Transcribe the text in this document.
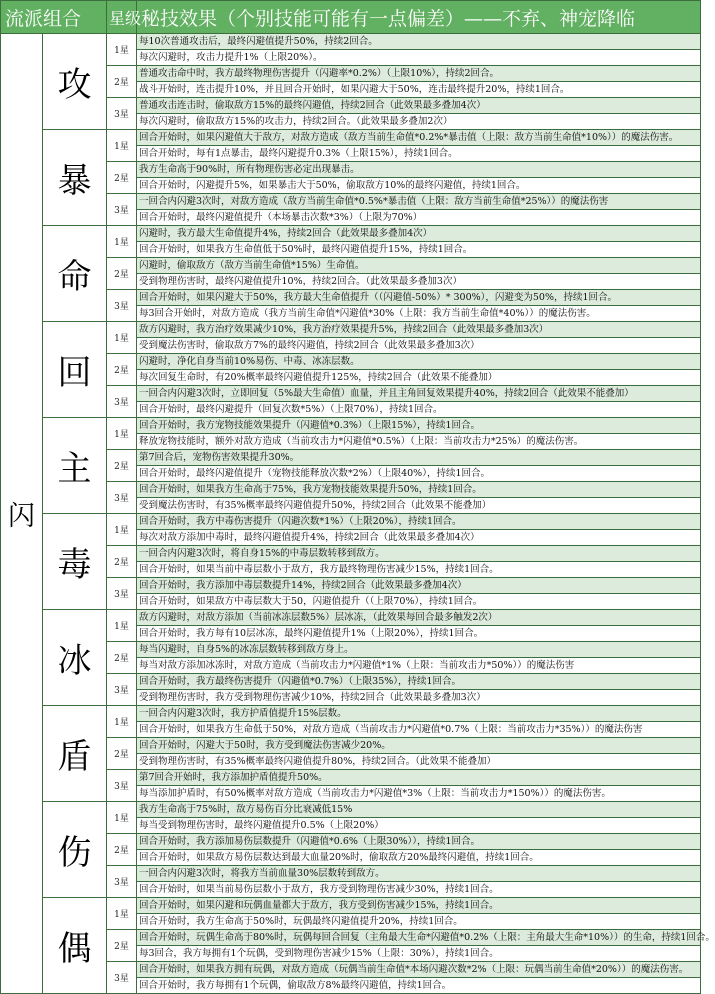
流派组合		星级	秘技效果（个别技能可能有一点偏差）——不弃、神宠降临
闪	攻	1星	每10次普通攻击后，最终闪避值提升50%，持续2回合。
			每次闪避时，攻击力提升1%（上限20%）。
		2星	普通攻击命中时，我方最终物理伤害提升（闪避率*0.2%）（上限10%），持续2回合。
			战斗开始时，连击提升10%，并且回合开始时，如果闪避大于50%，连击最终提升20%，持续1回合。
		3星	普通攻击连击时，偷取敌方15%的最终闪避值，持续2回合（此效果最多叠加4次）
			每次闪避时，偷取敌方15%的攻击力，持续2回合。（此效果最多叠加2次）
	暴	1星	回合开始时，如果闪避值大于敌方，对敌方造成（敌方当前生命值*0.2%*暴击值（上限：敌方当前生命值*10%））的魔法伤害。
			回合开始时，每有1点暴击，最终闪避提升0.3%（上限15%），持续1回合。
		2星	我方生命高于90%时，所有物理伤害必定出现暴击。
			回合开始时，闪避提升5%，如果暴击大于50%，偷取敌方10%的最终闪避值，持续1回合。
		3星	一回合内闪避3次时，对敌方造成（敌方当前生命值*0.5%*暴击值（上限：敌方当前生命值*25%））的魔法伤害
			回合开始时，最终闪避值提升（本场暴击次数*3%）（上限为70%）
	命	1星	闪避时，我方最大生命值提升4%，持续2回合（此效果最多叠加4次）
			回合开始时，如果我方生命值低于50%时，最终闪避值提升15%，持续1回合。
		2星	闪避时，偷取敌方（敌方当前生命值*15%）生命值。
			受到物理伤害时，最终闪避值提升10%，持续2回合。（此效果最多叠加3次）
		3星	回合开始时，如果闪避大于50%，我方最大生命值提升（（闪避值-50%）* 300%），闪避变为50%，持续1回合。
			每3回合开始时，对敌方造成（我方当前生命值*闪避值*30%（上限：我方当前生命值*40%））的魔法伤害。
	回	1星	敌方闪避时，我方治疗效果减少10%，我方治疗效果提升5%，持续2回合（此效果最多叠加3次）
			受到魔法伤害时，偷取敌方7%的最终闪避值，持续2回合（此效果最多叠加3次）
		2星	闪避时，净化自身当前10%易伤、中毒、冰冻层数。
			每次回复生命时，有20%概率最终闪避值提升125%，持续2回合（此效果不能叠加）
		3星	一回合内闪避3次时，立即回复（5%最大生命值）血量，并且主角回复效果提升40%，持续2回合（此效果不能叠加）
			回合开始时，最终闪避提升（回复次数*5%）（上限70%），持续1回合。
	主	1星	回合开始时，我方宠物技能效果提升（闪避值*0.3%）（上限15%），持续1回合。
			释放宠物技能时，额外对敌方造成（当前攻击力*闪避值*0.5%）（上限：当前攻击力*25%）的魔法伤害。
		2星	第7回合后，宠物伤害效果提升30%。
			回合开始时，最终闪避值提升（宠物技能释放次数*2%）（上限40%），持续1回合。
		3星	回合开始时，如果我方生命高于75%，我方宠物技能效果提升50%，持续1回合。
			受到魔法伤害时，有35%概率最终闪避值提升50%，持续2回合（此效果不能叠加）
	毒	1星	回合开始时，我方中毒伤害提升（闪避次数*1%）（上限20%），持续1回合。
			每次对敌方添加中毒时，最终闪避值提升4%，持续2回合（此效果最多叠加4次）
		2星	一回合内闪避3次时，将自身15%的中毒层数转移到敌方。
			回合开始时，如果当前中毒层数小于敌方，我方最终物理伤害减少15%，持续1回合。
		3星	回合开始时，我方添加中毒层数提升14%，持续2回合（此效果最多叠加4次）
			回合开始时，如果敌方中毒层数大于50，闪避值提升（（上限70%），持续1回合。
	冰	1星	敌方闪避时，对敌方添加（当前冰冻层数5%）层冰冻，（此效果每回合最多触发2次）
			回合开始时，我方每有10层冰冻，最终闪避值提升1%（上限20%），持续1回合。
		2星	每当闪避时，自身5%的冰冻层数转移到敌方身上。
			每当对敌方添加冰冻时，对敌方造成（当前攻击力*闪避值*1%（上限：当前攻击力*50%））的魔法伤害
		3星	回合开始时，我方最终伤害提升（闪避值*0.7%）（上限35%），持续1回合。
			受到物理伤害时，我方受到物理伤害减少10%，持续2回合（此效果最多叠加3次）
	盾	1星	一回合内闪避3次时，我方护盾值提升15%层数。
			回合开始时，如果我方生命低于50%，对敌方造成（当前攻击力*闪避值*0.7%（上限：当前攻击力*35%））的魔法伤害
		2星	回合开始时，闪避大于50时，我方受到魔法伤害减少20%。
			受到物理伤害时，有35%概率最终闪避值提升80%，持续2回合。（此效果不能叠加）
		3星	第7回合开始时，我方添加护盾值提升50%。
			每当添加护盾时，有50%概率对敌方造成（当前攻击力*闪避值*3%（上限：当前攻击力*150%））的魔法伤害。
	伤	1星	我方生命高于75%时，敌方易伤百分比衰减低15%
			每当受到物理伤害时，最终闪避值提升0.5%（上限20%）
		2星	回合开始时，我方添加易伤层数提升（闪避值*0.6%（上限30%）），持续1回合。
			回合开始时，如果敌方易伤层数达到最大血量20%时，偷取敌方20%最终闪避值，持续1回合。
		3星	一回合内闪避3次时，将我方当前血量30%层数转到敌方。
			回合开始时，如果当前易伤层数小于敌方，我方受到物理伤害减少30%，持续1回合。
	偶	1星	回合开始时，如果闪避和玩偶血量都大于敌方，我方受到伤害减少15%，持续1回合。
			回合开始时，我方生命高于50%时，玩偶最终闪避值提升20%，持续1回合。
		2星	回合开始时，玩偶生命高于80%时，玩偶每回合回复（主角最大生命*闪避值*0.2%（上限：主角最大生命*10%））的生命，持续1回合。
			每3回合，我方每拥有1个玩偶，受到物理伤害减少15%（上限：30%），持续1回合。
		3星	回合开始时，如果我方拥有玩偶，对敌方造成（玩偶当前生命值*本场闪避次数*2%（上限：玩偶当前生命值*20%））的魔法伤害。
			回合开始时，我方每拥有1个玩偶，偷取敌方8%最终闪避值，持续1回合。
